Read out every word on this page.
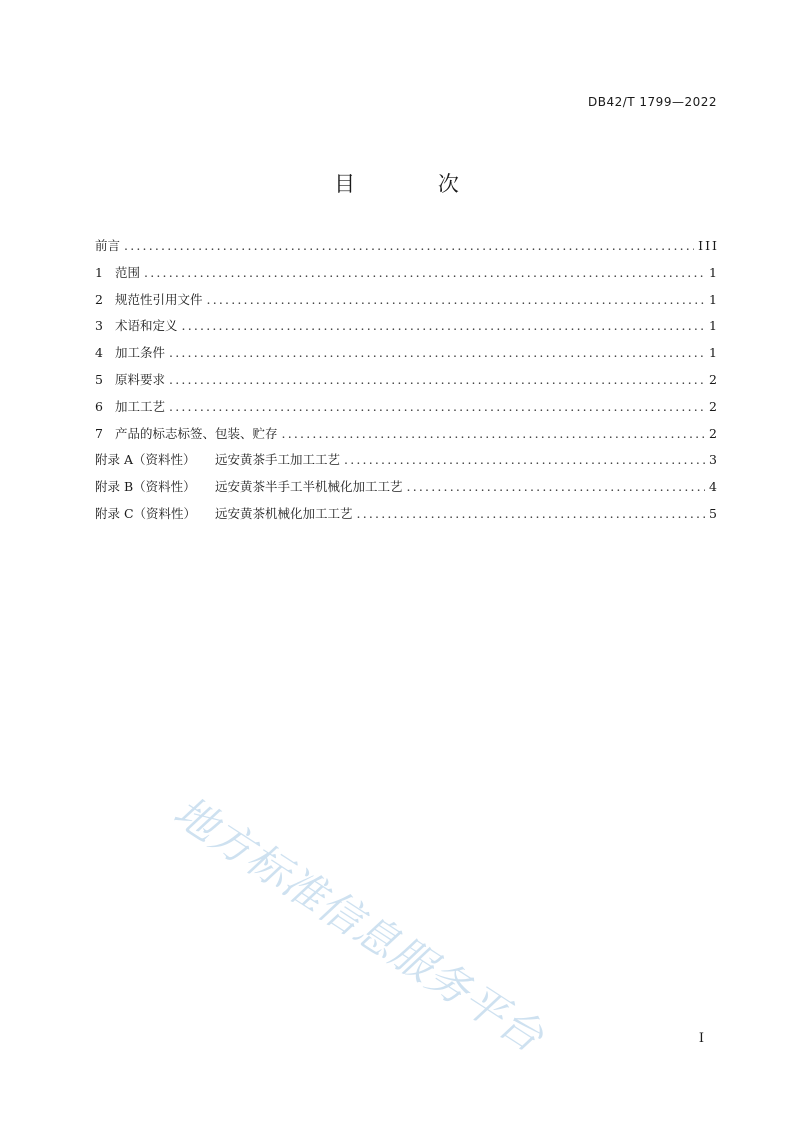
DB42/T 1799—2022
目 次
前言 .....	III
1 范围 .....	1
2 规范性引用文件 .....	1
3 术语和定义 .....	1
4 加工条件 .....	1
5 原料要求 .....	2
6 加工工艺 .....	2
7 产品的标志标签、包装、贮存 .....	2
附录 A（资料性） 远安黄茶手工加工工艺 .....	3
附录 B（资料性） 远安黄茶半手工半机械化加工工艺 .....	4
附录 C（资料性） 远安黄茶机械化加工工艺 .....	5
地方标准信息服务平台	I
